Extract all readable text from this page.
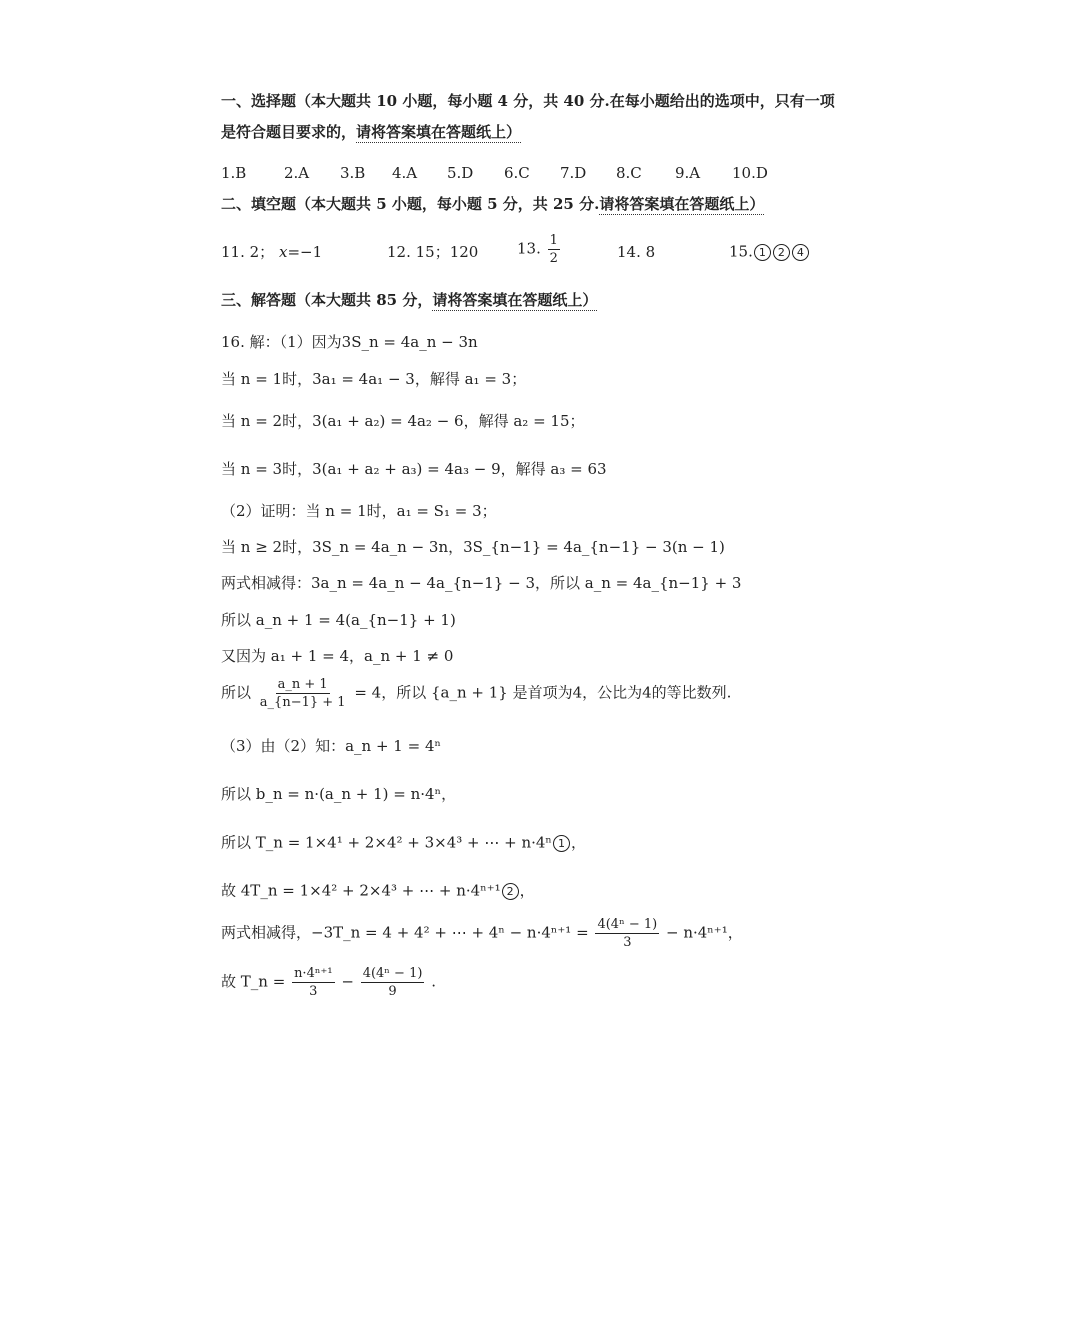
一、选择题（本大题共 10 小题，每小题 4 分，共 40 分.在每小题给出的选项中，只有一项
是符合题目要求的，请将答案填在答题纸上）
1.B	2.A 3.B 4.A 5.D 6.C 7.D 8.C 9.A 10.D
二、填空题（本大题共 5 小题，每小题 5 分，共 25 分.请将答案填在答题纸上）
11. 2； x=−1	12. 15；120	13. $\frac{1}{2}$	14. 8	15. 1 2 4
三、解答题（本大题共 85 分，请将答案填在答题纸上）
16. 解：（1）因为3S_n = 4a_n − 3n
当 n = 1时，3a₁ = 4a₁ − 3，解得 a₁ = 3；
当 n = 2时，3(a₁ + a₂) = 4a₂ − 6，解得 a₂ = 15；
当 n = 3时，3(a₁ + a₂ + a₃) = 4a₃ − 9，解得 a₃ = 63
（2）证明：当 n = 1时，a₁ = S₁ = 3；
当 n ≥ 2时，3S_n = 4a_n − 3n，3S_{n−1} = 4a_{n−1} − 3(n − 1)
两式相减得：3a_n = 4a_n − 4a_{n−1} − 3，所以 a_n = 4a_{n−1} + 3
所以 a_n + 1 = 4(a_{n−1} + 1)
又因为 a₁ + 1 = 4，a_n + 1 ≠ 0
所以 $\frac{a\_n + 1}{a\_\{n-1\} + 1} = 4$，所以 {a_n + 1} 是首项为4，公比为4的等比数列.
（3）由（2）知：a_n + 1 = 4ⁿ
所以 b_n = n·(a_n + 1) = n·4ⁿ，
所以 T_n = 1×4¹ + 2×4² + 3×4³ + ⋯ + n·4ⁿ 1 ，
故 4T_n = 1×4² + 2×4³ + ⋯ + n·4ⁿ⁺¹ 2 ，
两式相减得，−3T_n = 4 + 4² + ⋯ + $4^n - n\cdot 4^{n+1} = \frac{\text{4(4ⁿ − 1)}}{3} - n\cdot 4^{n+1}$，
故 T_n = $\frac{\text{n·4ⁿ⁺¹}}{3} - \frac{\text{4(4ⁿ − 1)}}{9}$ .
